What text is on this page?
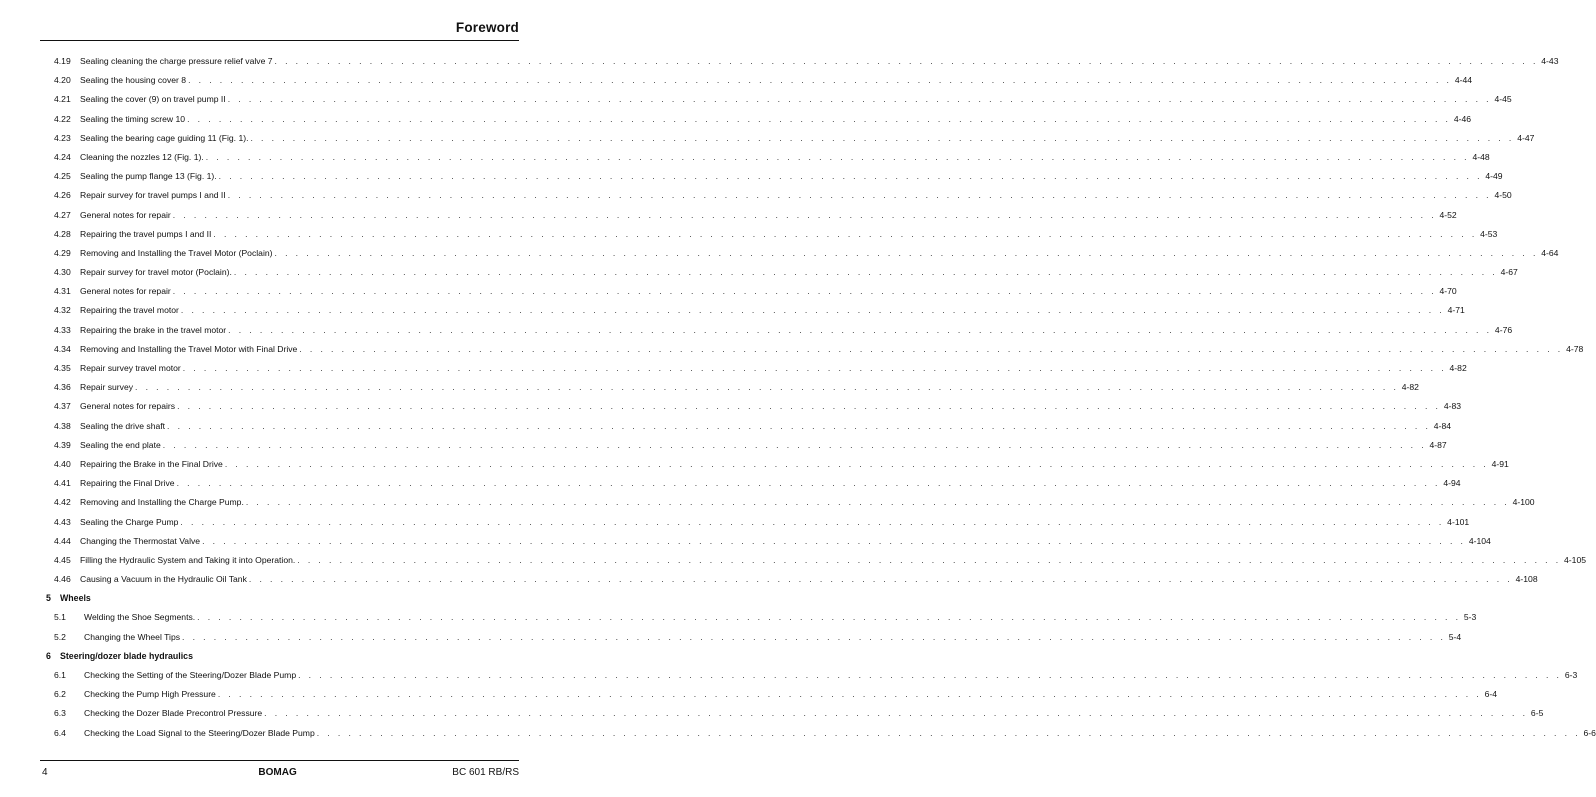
Foreword
4.19	Sealing cleaning the charge pressure relief valve 7 . . . . . . . . . . . . . . . . . . . . . . . . . . . . . . . . . . . . . . . . . . . . . . . . . . . . . . . . . . . . . . . . . . . . . . . . . . . . . . . . . . . . . . . . . . . . . . . . . . . . . . . . . . . . . . . . . . . . . . . . 4-43
4.20	Sealing the housing cover 8 . . . . . . . . . . . . . . . . . . . . . . . . . . . . . . . . . . . . . . . . . . . . . . . . . . . . . . . . . . . . . . . . . . . . . . . . . . . . . . . . . . . . . . . . . . . . . . . . . . . . . . . . . . . . . . . . . . . . . . . . 4-44
4.21	Sealing the cover (9) on travel pump II . . . . . . . . . . . . . . . . . . . . . . . . . . . . . . . . . . . . . . . . . . . . . . . . . . . . . . . . . . . . . . . . . . . . . . . . . . . . . . . . . . . . . . . . . . . . . . . . . . . . . . . . . . . . . . . . . . . . . . . . 4-45
4.22	Sealing the timing screw 10 . . . . . . . . . . . . . . . . . . . . . . . . . . . . . . . . . . . . . . . . . . . . . . . . . . . . . . . . . . . . . . . . . . . . . . . . . . . . . . . . . . . . . . . . . . . . . . . . . . . . . . . . . . . . . . . . . . . . . . . . 4-46
4.23	Sealing the bearing cage guiding 11 (Fig. 1). . . . . . . . . . . . . . . . . . . . . . . . . . . . . . . . . . . . . . . . . . . . . . . . . . . . . . . . . . . . . . . . . . . . . . . . . . . . . . . . . . . . . . . . . . . . . . . . . . . . . . . . . . . . . . . . . . . . . . . . . 4-47
4.24	Cleaning the nozzles 12 (Fig. 1). . . . . . . . . . . . . . . . . . . . . . . . . . . . . . . . . . . . . . . . . . . . . . . . . . . . . . . . . . . . . . . . . . . . . . . . . . . . . . . . . . . . . . . . . . . . . . . . . . . . . . . . . . . . . . . . . . . . . . . . . 4-48
4.25	Sealing the pump flange 13 (Fig. 1). . . . . . . . . . . . . . . . . . . . . . . . . . . . . . . . . . . . . . . . . . . . . . . . . . . . . . . . . . . . . . . . . . . . . . . . . . . . . . . . . . . . . . . . . . . . . . . . . . . . . . . . . . . . . . . . . . . . . . . . . 4-49
4.26	Repair survey for travel pumps I and II . . . . . . . . . . . . . . . . . . . . . . . . . . . . . . . . . . . . . . . . . . . . . . . . . . . . . . . . . . . . . . . . . . . . . . . . . . . . . . . . . . . . . . . . . . . . . . . . . . . . . . . . . . . . . . . . . . . . . . . . 4-50
4.27	General notes for repair . . . . . . . . . . . . . . . . . . . . . . . . . . . . . . . . . . . . . . . . . . . . . . . . . . . . . . . . . . . . . . . . . . . . . . . . . . . . . . . . . . . . . . . . . . . . . . . . . . . . . . . . . . . . . . . . . . . . . . . . 4-52
4.28	Repairing the travel pumps I and II . . . . . . . . . . . . . . . . . . . . . . . . . . . . . . . . . . . . . . . . . . . . . . . . . . . . . . . . . . . . . . . . . . . . . . . . . . . . . . . . . . . . . . . . . . . . . . . . . . . . . . . . . . . . . . . . . . . . . . . . 4-53
4.29	Removing and Installing the Travel Motor (Poclain) . . . . . . . . . . . . . . . . . . . . . . . . . . . . . . . . . . . . . . . . . . . . . . . . . . . . . . . . . . . . . . . . . . . . . . . . . . . . . . . . . . . . . . . . . . . . . . . . . . . . . . . . . . . . . . . . . . . . . . . . 4-64
4.30	Repair survey for travel motor (Poclain). . . . . . . . . . . . . . . . . . . . . . . . . . . . . . . . . . . . . . . . . . . . . . . . . . . . . . . . . . . . . . . . . . . . . . . . . . . . . . . . . . . . . . . . . . . . . . . . . . . . . . . . . . . . . . . . . . . . . . . . . 4-67
4.31	General notes for repair . . . . . . . . . . . . . . . . . . . . . . . . . . . . . . . . . . . . . . . . . . . . . . . . . . . . . . . . . . . . . . . . . . . . . . . . . . . . . . . . . . . . . . . . . . . . . . . . . . . . . . . . . . . . . . . . . . . . . . . . 4-70
4.32	Repairing the travel motor . . . . . . . . . . . . . . . . . . . . . . . . . . . . . . . . . . . . . . . . . . . . . . . . . . . . . . . . . . . . . . . . . . . . . . . . . . . . . . . . . . . . . . . . . . . . . . . . . . . . . . . . . . . . . . . . . . . . . . . . 4-71
4.33	Repairing the brake in the travel motor . . . . . . . . . . . . . . . . . . . . . . . . . . . . . . . . . . . . . . . . . . . . . . . . . . . . . . . . . . . . . . . . . . . . . . . . . . . . . . . . . . . . . . . . . . . . . . . . . . . . . . . . . . . . . . . . . . . . . . . . 4-76
4.34	Removing and Installing the Travel Motor with Final Drive . . . . . . . . . . . . . . . . . . . . . . . . . . . . . . . . . . . . . . . . . . . . . . . . . . . . . . . . . . . . . . . . . . . . . . . . . . . . . . . . . . . . . . . . . . . . . . . . . . . . . . . . . . . . . . . . . . . . . . . . 4-78
4.35	Repair survey travel motor . . . . . . . . . . . . . . . . . . . . . . . . . . . . . . . . . . . . . . . . . . . . . . . . . . . . . . . . . . . . . . . . . . . . . . . . . . . . . . . . . . . . . . . . . . . . . . . . . . . . . . . . . . . . . . . . . . . . . . . . 4-82
4.36	Repair survey . . . . . . . . . . . . . . . . . . . . . . . . . . . . . . . . . . . . . . . . . . . . . . . . . . . . . . . . . . . . . . . . . . . . . . . . . . . . . . . . . . . . . . . . . . . . . . . . . . . . . . . . . . . . . . . . . . . . . . . . 4-82
4.37	General notes for repairs . . . . . . . . . . . . . . . . . . . . . . . . . . . . . . . . . . . . . . . . . . . . . . . . . . . . . . . . . . . . . . . . . . . . . . . . . . . . . . . . . . . . . . . . . . . . . . . . . . . . . . . . . . . . . . . . . . . . . . . . 4-83
4.38	Sealing the drive shaft . . . . . . . . . . . . . . . . . . . . . . . . . . . . . . . . . . . . . . . . . . . . . . . . . . . . . . . . . . . . . . . . . . . . . . . . . . . . . . . . . . . . . . . . . . . . . . . . . . . . . . . . . . . . . . . . . . . . . . . . 4-84
4.39	Sealing the end plate . . . . . . . . . . . . . . . . . . . . . . . . . . . . . . . . . . . . . . . . . . . . . . . . . . . . . . . . . . . . . . . . . . . . . . . . . . . . . . . . . . . . . . . . . . . . . . . . . . . . . . . . . . . . . . . . . . . . . . . . 4-87
4.40	Repairing the Brake in the Final Drive . . . . . . . . . . . . . . . . . . . . . . . . . . . . . . . . . . . . . . . . . . . . . . . . . . . . . . . . . . . . . . . . . . . . . . . . . . . . . . . . . . . . . . . . . . . . . . . . . . . . . . . . . . . . . . . . . . . . . . . . 4-91
4.41	Repairing the Final Drive . . . . . . . . . . . . . . . . . . . . . . . . . . . . . . . . . . . . . . . . . . . . . . . . . . . . . . . . . . . . . . . . . . . . . . . . . . . . . . . . . . . . . . . . . . . . . . . . . . . . . . . . . . . . . . . . . . . . . . . . 4-94
4.42	Removing and Installing the Charge Pump. . . . . . . . . . . . . . . . . . . . . . . . . . . . . . . . . . . . . . . . . . . . . . . . . . . . . . . . . . . . . . . . . . . . . . . . . . . . . . . . . . . . . . . . . . . . . . . . . . . . . . . . . . . . . . . . . . . . . . . . . 4-100
4.43	Sealing the Charge Pump . . . . . . . . . . . . . . . . . . . . . . . . . . . . . . . . . . . . . . . . . . . . . . . . . . . . . . . . . . . . . . . . . . . . . . . . . . . . . . . . . . . . . . . . . . . . . . . . . . . . . . . . . . . . . . . . . . . . . . . . 4-101
4.44	Changing the Thermostat Valve . . . . . . . . . . . . . . . . . . . . . . . . . . . . . . . . . . . . . . . . . . . . . . . . . . . . . . . . . . . . . . . . . . . . . . . . . . . . . . . . . . . . . . . . . . . . . . . . . . . . . . . . . . . . . . . . . . . . . . . . 4-104
4.45	Filling the Hydraulic System and Taking it into Operation. . . . . . . . . . . . . . . . . . . . . . . . . . . . . . . . . . . . . . . . . . . . . . . . . . . . . . . . . . . . . . . . . . . . . . . . . . . . . . . . . . . . . . . . . . . . . . . . . . . . . . . . . . . . . . . . . . . . . . . . . 4-105
4.46	Causing a Vacuum in the Hydraulic Oil Tank . . . . . . . . . . . . . . . . . . . . . . . . . . . . . . . . . . . . . . . . . . . . . . . . . . . . . . . . . . . . . . . . . . . . . . . . . . . . . . . . . . . . . . . . . . . . . . . . . . . . . . . . . . . . . . . . . . . . . . . . 4-108
5	Wheels
5.1	Welding the Shoe Segments. . . . . . . . . . . . . . . . . . . . . . . . . . . . . . . . . . . . . . . . . . . . . . . . . . . . . . . . . . . . . . . . . . . . . . . . . . . . . . . . . . . . . . . . . . . . . . . . . . . . . . . . . . . . . . . . . . . . . . . . . 5-3
5.2	Changing the Wheel Tips . . . . . . . . . . . . . . . . . . . . . . . . . . . . . . . . . . . . . . . . . . . . . . . . . . . . . . . . . . . . . . . . . . . . . . . . . . . . . . . . . . . . . . . . . . . . . . . . . . . . . . . . . . . . . . . . . . . . . . . . 5-4
6	Steering/dozer blade hydraulics
6.1	Checking the Setting of the Steering/Dozer Blade Pump . . . . . . . . . . . . . . . . . . . . . . . . . . . . . . . . . . . . . . . . . . . . . . . . . . . . . . . . . . . . . . . . . . . . . . . . . . . . . . . . . . . . . . . . . . . . . . . . . . . . . . . . . . . . . . . . . . . . . . . . 6-3
6.2	Checking the Pump High Pressure . . . . . . . . . . . . . . . . . . . . . . . . . . . . . . . . . . . . . . . . . . . . . . . . . . . . . . . . . . . . . . . . . . . . . . . . . . . . . . . . . . . . . . . . . . . . . . . . . . . . . . . . . . . . . . . . . . . . . . . . 6-4
6.3	Checking the Dozer Blade Precontrol Pressure . . . . . . . . . . . . . . . . . . . . . . . . . . . . . . . . . . . . . . . . . . . . . . . . . . . . . . . . . . . . . . . . . . . . . . . . . . . . . . . . . . . . . . . . . . . . . . . . . . . . . . . . . . . . . . . . . . . . . . . . 6-5
6.4	Checking the Load Signal to the Steering/Dozer Blade Pump . . . . . . . . . . . . . . . . . . . . . . . . . . . . . . . . . . . . . . . . . . . . . . . . . . . . . . . . . . . . . . . . . . . . . . . . . . . . . . . . . . . . . . . . . . . . . . . . . . . . . . . . . . . . . . . . . . . . . . . . 6-6
4	BOMAG	BC 601 RB/RS
